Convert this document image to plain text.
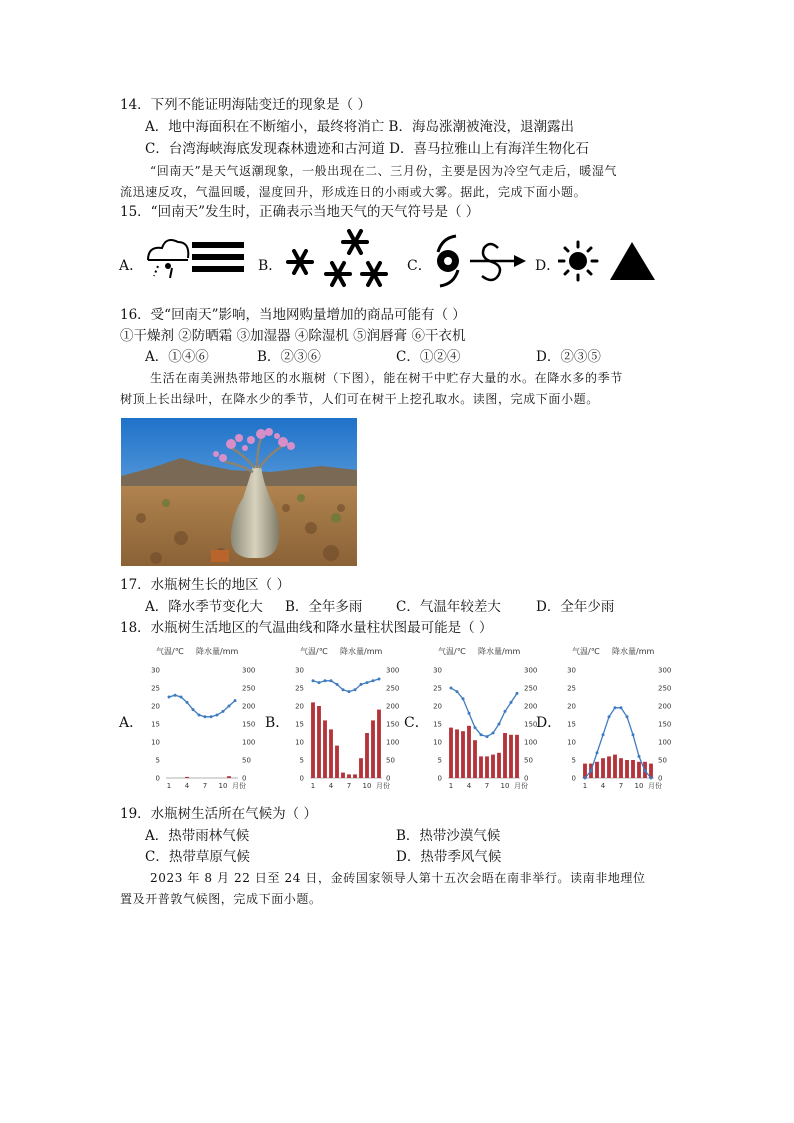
14．下列不能证明海陆变迁的现象是（ ）
A．地中海面积在不断缩小，最终将消亡 B．海岛涨潮被淹没，退潮露出
C．台湾海峡海底发现森林遗迹和古河道 D．喜马拉雅山上有海洋生物化石
“回南天”是天气返潮现象，一般出现在二、三月份，主要是因为冷空气走后，暖湿气
流迅速反攻，气温回暖，湿度回升，形成连日的小雨或大雾。据此，完成下面小题。
15．“回南天”发生时，正确表示当地天气的天气符号是（ ）
A．	B．	C．	D．
16．受“回南天”影响，当地网购量增加的商品可能有（ ）
①干燥剂 ②防晒霜 ③加湿器 ④除湿机 ⑤润唇膏 ⑥干衣机
A．①④⑥	B．②③⑥	C．①②④	D．②③⑤
生活在南美洲热带地区的水瓶树（下图），能在树干中贮存大量的水。在降水多的季节
树顶上长出绿叶，在降水少的季节，人们可在树干上挖孔取水。读图，完成下面小题。
17．水瓶树生长的地区（ ）
A．降水季节变化大 B．全年多雨 C．气温年较差大	D．全年少雨
18．水瓶树生活地区的气温曲线和降水量柱状图最可能是（ ）
A．	B．	C．	D．
气温/℃ 降水量/mm
0
5
10
15
20
25
30
0
50
100
150
200
250
300
1 4 7 10 月份
气温/℃ 降水量/mm
0
5
10
15
20
25
30
0
50
100
150
200
250
300
1 4 7 10 月份
气温/℃ 降水量/mm
0
5
10
15
20
25
30
0
50
100
150
200
250
300
1 4 7 10 月份
气温/℃ 降水量/mm
0
5
10
15
20
25
30
0
50
100
150
200
250
300
1 4 7 10 月份
19．水瓶树生活所在气候为（ ）
A．热带雨林气候	B．热带沙漠气候
C．热带草原气候	D．热带季风气候
2023 年 8 月 22 日至 24 日，金砖国家领导人第十五次会晤在南非举行。读南非地理位
置及开普敦气候图，完成下面小题。
